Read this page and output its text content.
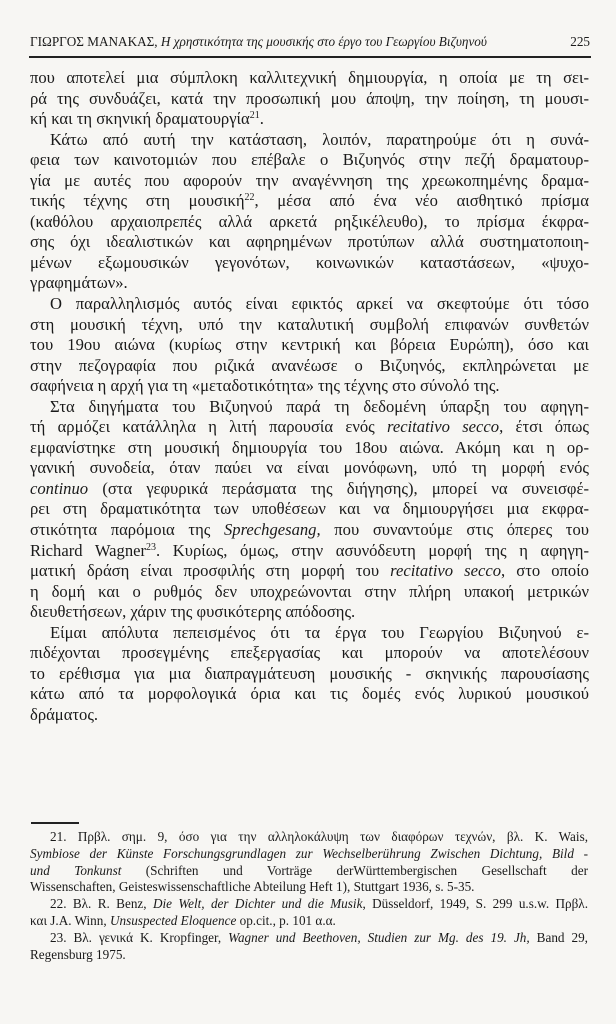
ΓΙΩΡΓΟΣ ΜΑΝΑΚΑΣ, Η χρηστικότητα της μουσικής στο έργο του Γεωργίου Βιζυηνού	225
που αποτελεί μια σύμπλοκη καλλιτεχνική δημιουργία, η οποία με τη σει-
ρά της συνδυάζει, κατά την προσωπική μου άποψη, την ποίηση, τη μουσι-
κή και τη σκηνική δραματουργία$^{21}$.
Κάτω από αυτή την κατάσταση, λοιπόν, παρατηρούμε ότι η συνά-
φεια των καινοτομιών που επέβαλε ο Βιζυηνός στην πεζή δραματουρ-
γία με αυτές που αφορούν την αναγέννηση της χρεωκοπημένης δραμα-
τικής τέχνης στη μουσική$^{22}$, μέσα από ένα νέο αισθητικό πρίσμα
(καθόλου αρχαιοπρεπές αλλά αρκετά ρηξικέλευθο), το πρίσμα έκφρα-
σης όχι ιδεαλιστικών και αφηρημένων προτύπων αλλά συστηματοποιη-
μένων εξωμουσικών γεγονότων, κοινωνικών καταστάσεων, «ψυχο-
γραφημάτων».
Ο παραλληλισμός αυτός είναι εφικτός αρκεί να σκεφτούμε ότι τόσο
στη μουσική τέχνη, υπό την καταλυτική συμβολή επιφανών συνθετών
του 19ου αιώνα (κυρίως στην κεντρική και βόρεια Ευρώπη), όσο και
στην πεζογραφία που ριζικά ανανέωσε ο Βιζυηνός, εκπληρώνεται με
σαφήνεια η αρχή για τη «μεταδοτικότητα» της τέχνης στο σύνολό της.
Στα διηγήματα του Βιζυηνού παρά τη δεδομένη ύπαρξη του αφηγη-
τή αρμόζει κατάλληλα η λιτή παρουσία ενός recitativo secco, έτσι όπως
εμφανίστηκε στη μουσική δημιουργία του 18ου αιώνα. Ακόμη και η ορ-
γανική συνοδεία, όταν παύει να είναι μονόφωνη, υπό τη μορφή ενός
continuo (στα γεφυρικά περάσματα της διήγησης), μπορεί να συνεισφέ-
ρει στη δραματικότητα των υποθέσεων και να δημιουργήσει μια εκφρα-
στικότητα παρόμοια της Sprechgesang, που συναντούμε στις όπερες του
Richard Wagner$^{23}$. Κυρίως, όμως, στην ασυνόδευτη μορφή της η αφηγη-
ματική δράση είναι προσφιλής στη μορφή του recitativo secco, στο οποίο
η δομή και ο ρυθμός δεν υποχρεώνονται στην πλήρη υπακοή μετρικών
διευθετήσεων, χάριν της φυσικότερης απόδοσης.
Είμαι απόλυτα πεπεισμένος ότι τα έργα του Γεωργίου Βιζυηνού ε-
πιδέχονται προσεγμένης επεξεργασίας και μπορούν να αποτελέσουν
το ερέθισμα για μια διαπραγμάτευση μουσικής - σκηνικής παρουσίασης
κάτω από τα μορφολογικά όρια και τις δομές ενός λυρικού μουσικού
δράματος.
21. Πρβλ. σημ. 9, όσο για την αλληλοκάλυψη των διαφόρων τεχνών, βλ. K. Wais,
Symbiose der Künste Forschungsgrundlagen zur Wechselberührung Zwischen Dichtung, Bild -
und Tonkunst (Schriften und Vorträge derWürttembergischen Gesellschaft der
Wissenschaften, Geisteswissenschaftliche Abteilung Heft 1), Stuttgart 1936, s. 5-35.
22. Βλ. R. Benz, Die Welt, der Dichter und die Musik, Düsseldorf, 1949, S. 299 u.s.w. Πρβλ.
και J.A. Winn, Unsuspected Eloquence op.cit., p. 101 α.α.
23. Βλ. γενικά K. Kropfinger, Wagner und Beethoven, Studien zur Mg. des 19. Jh, Band 29,
Regensburg 1975.
